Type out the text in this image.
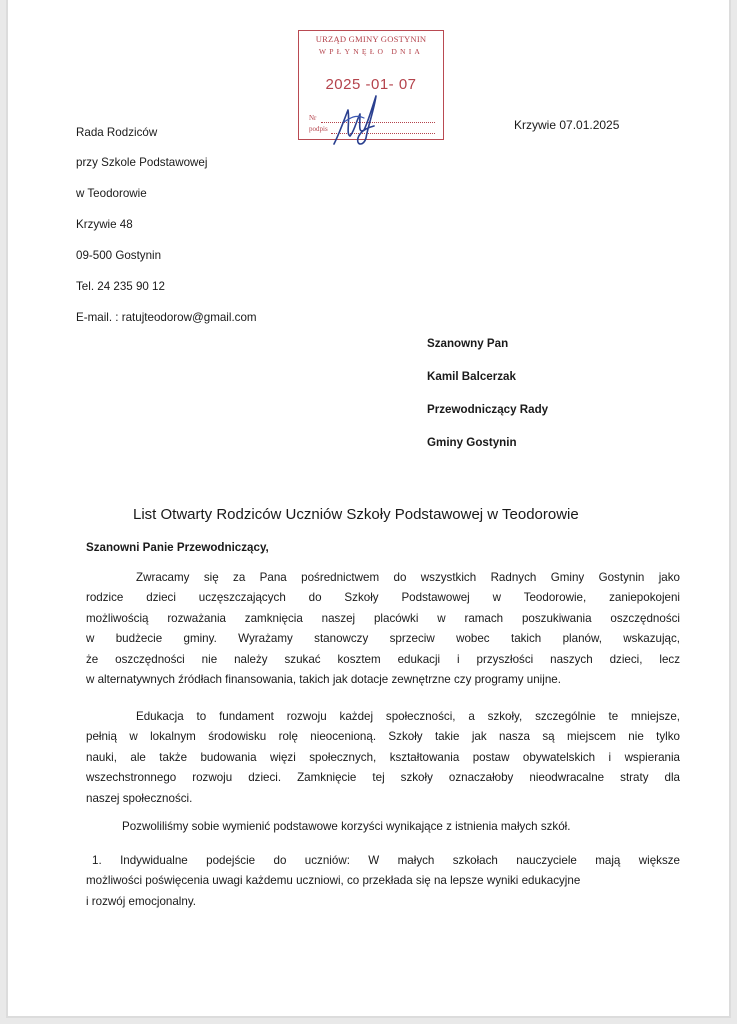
URZĄD GMINY GOSTYNIN
WPŁYNĘŁO DNIA
2025 -01- 07
Nr
podpis
Rada Rodziców
przy Szkole Podstawowej
w Teodorowie
Krzywie 48
09-500 Gostynin
Tel. 24 235 90 12
E-mail. : ratujteodorow@gmail.com
Krzywie 07.01.2025
Szanowny Pan
Kamil Balcerzak
Przewodniczący Rady
Gminy Gostynin
List Otwarty Rodziców Uczniów Szkoły Podstawowej w Teodorowie
Szanowni Panie Przewodniczący,
Zwracamy się za Pana pośrednictwem do wszystkich Radnych Gminy Gostynin jako
rodzice dzieci uczęszczających do Szkoły Podstawowej w Teodorowie, zaniepokojeni
możliwością rozważania zamknięcia naszej placówki w ramach poszukiwania oszczędności
w budżecie gminy. Wyrażamy stanowczy sprzeciw wobec takich planów, wskazując,
że oszczędności nie należy szukać kosztem edukacji i przyszłości naszych dzieci, lecz
w alternatywnych źródłach finansowania, takich jak dotacje zewnętrzne czy programy unijne.
Edukacja to fundament rozwoju każdej społeczności, a szkoły, szczególnie te mniejsze,
pełnią w lokalnym środowisku rolę nieocenioną. Szkoły takie jak nasza są miejscem nie tylko
nauki, ale także budowania więzi społecznych, kształtowania postaw obywatelskich i wspierania
wszechstronnego rozwoju dzieci. Zamknięcie tej szkoły oznaczałoby nieodwracalne straty dla
naszej społeczności.
Pozwoliliśmy sobie wymienić podstawowe korzyści wynikające z istnienia małych szkół.
1. Indywidualne podejście do uczniów: W małych szkołach nauczyciele mają większe
możliwości poświęcenia uwagi każdemu uczniowi, co przekłada się na lepsze wyniki edukacyjne
i rozwój emocjonalny.
